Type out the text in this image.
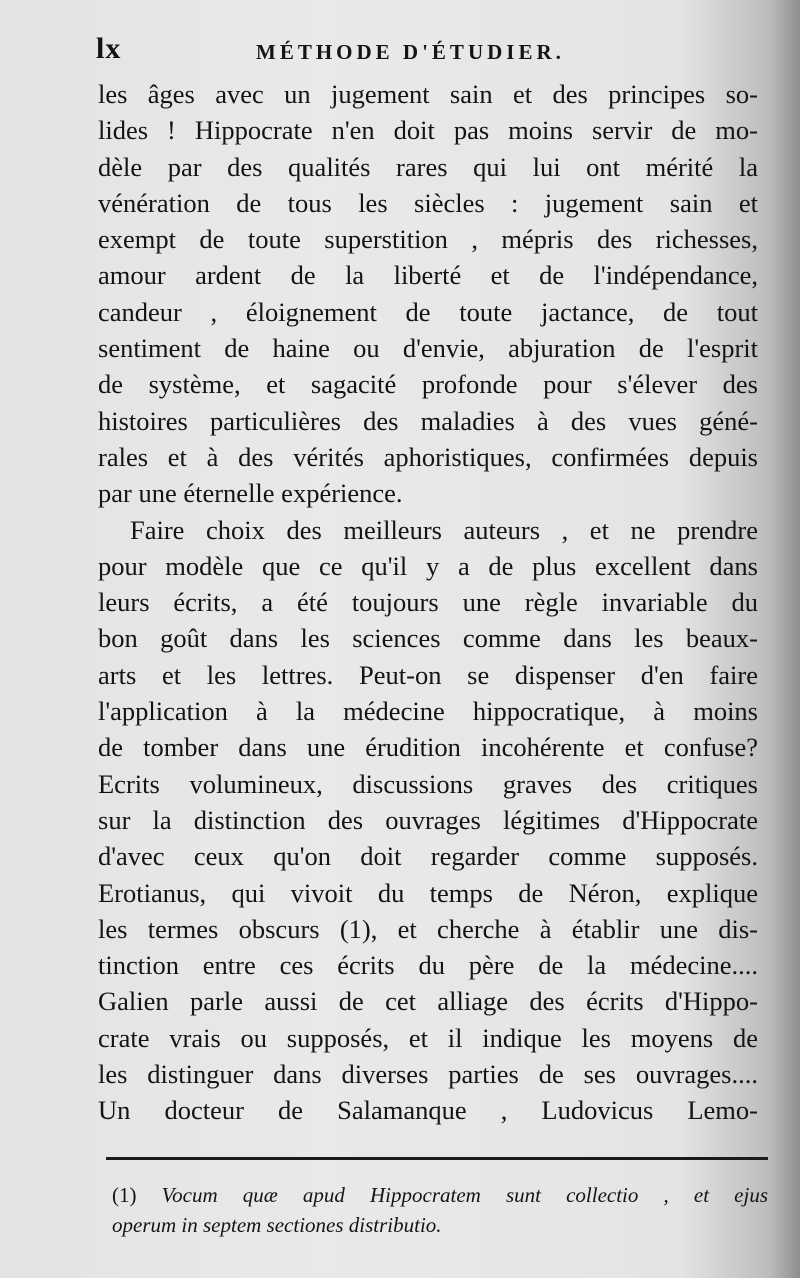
lx	MÉTHODE D'ÉTUDIER.
les âges avec un jugement sain et des principes so-
lides ! Hippocrate n'en doit pas moins servir de mo-
dèle par des qualités rares qui lui ont mérité la
vénération de tous les siècles : jugement sain et
exempt de toute superstition , mépris des richesses,
amour ardent de la liberté et de l'indépendance,
candeur , éloignement de toute jactance, de tout
sentiment de haine ou d'envie, abjuration de l'esprit
de système, et sagacité profonde pour s'élever des
histoires particulières des maladies à des vues géné-
rales et à des vérités aphoristiques, confirmées depuis
par une éternelle expérience.
Faire choix des meilleurs auteurs , et ne prendre
pour modèle que ce qu'il y a de plus excellent dans
leurs écrits, a été toujours une règle invariable du
bon goût dans les sciences comme dans les beaux-
arts et les lettres. Peut-on se dispenser d'en faire
l'application à la médecine hippocratique, à moins
de tomber dans une érudition incohérente et confuse?
Ecrits volumineux, discussions graves des critiques
sur la distinction des ouvrages légitimes d'Hippocrate
d'avec ceux qu'on doit regarder comme supposés.
Erotianus, qui vivoit du temps de Néron, explique
les termes obscurs (1), et cherche à établir une dis-
tinction entre ces écrits du père de la médecine....
Galien parle aussi de cet alliage des écrits d'Hippo-
crate vrais ou supposés, et il indique les moyens de
les distinguer dans diverses parties de ses ouvrages....
Un docteur de Salamanque , Ludovicus Lemo-
(1) Vocum quæ apud Hippocratem sunt collectio , et ejus
operum in septem sectiones distributio.
